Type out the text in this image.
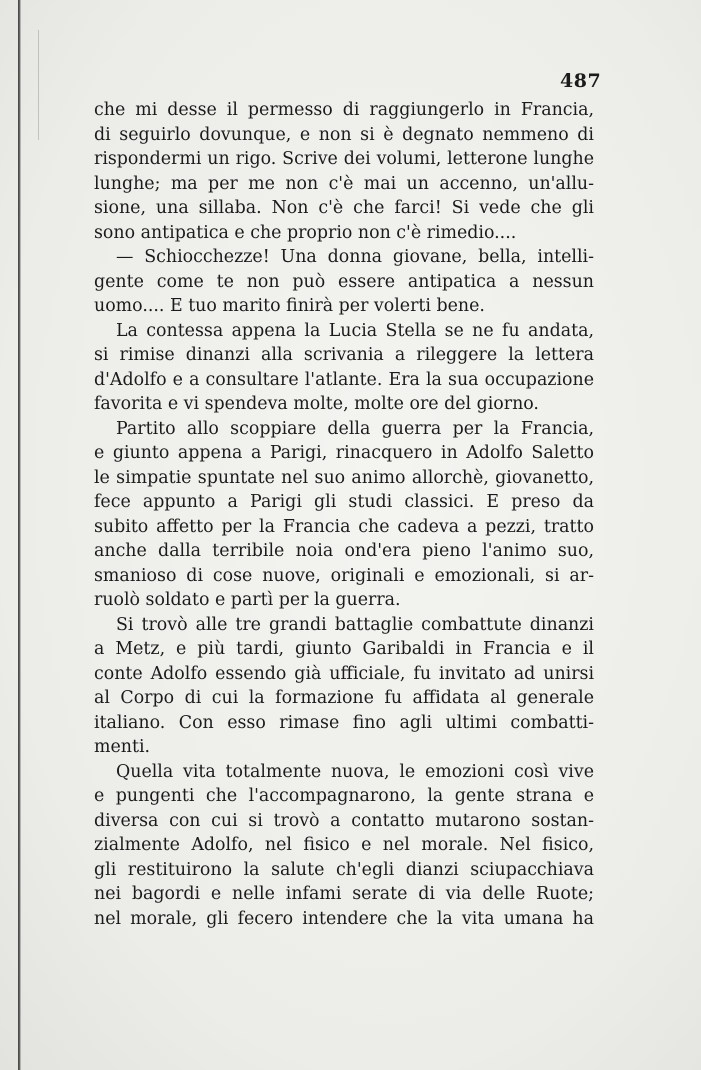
487

che mi desse il permesso di raggiungerlo in Francia,

di seguirlo dovunque, e non si è degnato nemmeno di

rispondermi un rigo. Scrive dei volumi, letterone lunghe

lunghe; ma per me non c'è mai un accenno, un'allu-

sione, una sillaba. Non c'è che farci! Si vede che gli

sono antipatica e che proprio non c'è rimedio....

— Schiocchezze! Una donna giovane, bella, intelli-

gente come te non può essere antipatica a nessun

uomo.... E tuo marito finirà per volerti bene.

La contessa appena la Lucia Stella se ne fu andata,

si rimise dinanzi alla scrivania a rileggere la lettera

d'Adolfo e a consultare l'atlante. Era la sua occupazione

favorita e vi spendeva molte, molte ore del giorno.

Partito allo scoppiare della guerra per la Francia,

e giunto appena a Parigi, rinacquero in Adolfo Saletto

le simpatie spuntate nel suo animo allorchè, giovanetto,

fece appunto a Parigi gli studi classici. E preso da

subito affetto per la Francia che cadeva a pezzi, tratto

anche dalla terribile noia ond'era pieno l'animo suo,

smanioso di cose nuove, originali e emozionali, si ar-

ruolò soldato e partì per la guerra.

Si trovò alle tre grandi battaglie combattute dinanzi

a Metz, e più tardi, giunto Garibaldi in Francia e il

conte Adolfo essendo già ufficiale, fu invitato ad unirsi

al Corpo di cui la formazione fu affidata al generale

italiano. Con esso rimase fino agli ultimi combatti-

menti.

Quella vita totalmente nuova, le emozioni così vive

e pungenti che l'accompagnarono, la gente strana e

diversa con cui si trovò a contatto mutarono sostan-

zialmente Adolfo, nel fisico e nel morale. Nel fisico,

gli restituirono la salute ch'egli dianzi sciupacchiava

nei bagordi e nelle infami serate di via delle Ruote;

nel morale, gli fecero intendere che la vita umana ha
